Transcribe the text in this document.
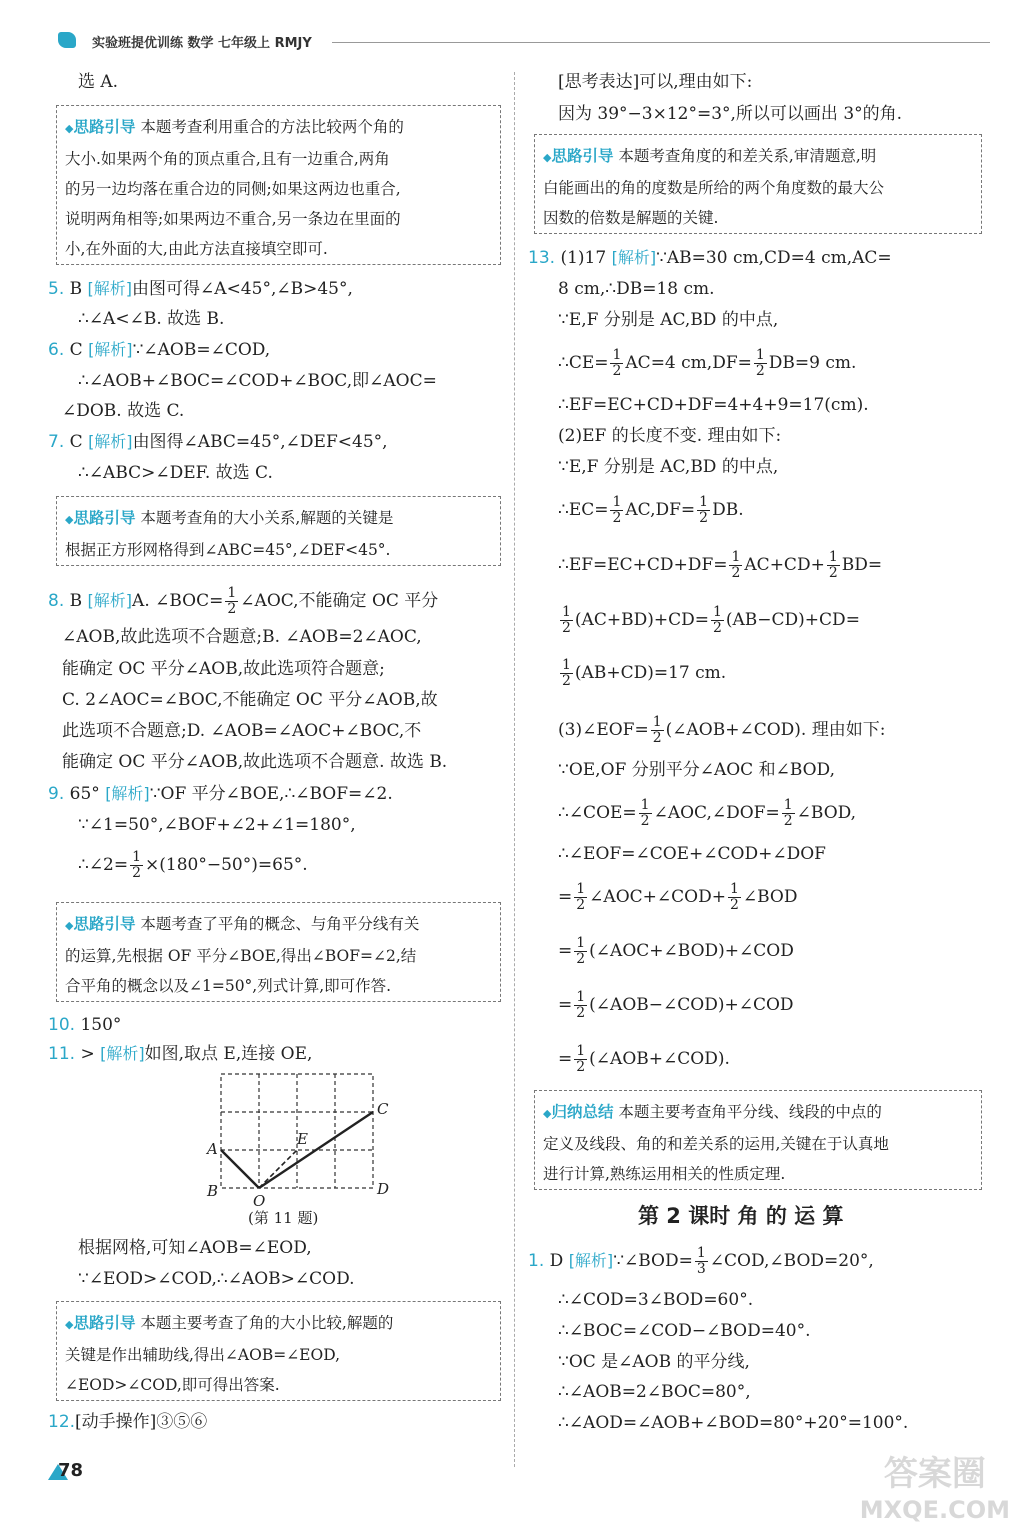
实验班提优训练 数学 七年级上 RMJY
选 A.
◆ 思路引导 本题考查利用重合的方法比较两个角的
大小.如果两个角的顶点重合,且有一边重合,两角
的另一边均落在重合边的同侧;如果这两边也重合,
说明两角相等;如果两边不重合,另一条边在里面的
小,在外面的大,由此方法直接填空即可.
5. B [解析]由图可得∠A<45°,∠B>45°,
∴∠A<∠B. 故选 B.
6. C [解析]∵∠AOB=∠COD,
∴∠AOB+∠BOC=∠COD+∠BOC,即∠AOC=
∠DOB. 故选 C.
7. C [解析]由图得∠ABC=45°,∠DEF<45°,
∴∠ABC>∠DEF. 故选 C.
◆ 思路引导 本题考查角的大小关系,解题的关键是
根据正方形网格得到∠ABC=45°,∠DEF<45°.
8. B [解析]A. ∠BOC= $\frac{1}{2}$ ∠AOC,不能确定 OC 平分
∠AOB,故此选项不合题意;B. ∠AOB=2∠AOC,
能确定 OC 平分∠AOB,故此选项符合题意;
C. 2∠AOC=∠BOC,不能确定 OC 平分∠AOB,故
此选项不合题意;D. ∠AOB=∠AOC+∠BOC,不
能确定 OC 平分∠AOB,故此选项不合题意. 故选 B.
9. 65° [解析]∵OF 平分∠BOE,∴∠BOF=∠2.
∵∠1=50°,∠BOF+∠2+∠1=180°,
∴∠2= $\frac{1}{2} \times(180^\circ-50^\circ)=65^\circ$.
◆ 思路引导 本题考查了平角的概念、与角平分线有关
的运算,先根据 OF 平分∠BOE,得出∠BOF=∠2,结
合平角的概念以及∠1=50°,列式计算,即可作答.
10. 150°
11. > [解析]如图,取点 E,连接 OE,
A
B
C
D
E
O
(第 11 题)
根据网格,可知∠AOB=∠EOD,
∵∠EOD>∠COD,∴∠AOB>∠COD.
◆ 思路引导 本题主要考查了角的大小比较,解题的
关键是作出辅助线,得出∠AOB=∠EOD,
∠EOD>∠COD,即可得出答案.
12.[动手操作]③⑤⑥
[思考表达]可以,理由如下:
因为 39°−3×12°=3°,所以可以画出 3°的角.
◆ 思路引导 本题考查角度的和差关系,审清题意,明
白能画出的角的度数是所给的两个角度数的最大公
因数的倍数是解题的关键.
13. (1)17 [解析]∵AB=30 cm,CD=4 cm,AC=
8 cm,∴DB=18 cm.
∵E,F 分别是 AC,BD 的中点,
∴CE= $\frac{1}{2} AC=4$ $cm,DF= \frac{1}{2} DB=9$ cm.
∴EF=EC+CD+DF=4+4+9=17(cm).
(2)EF 的长度不变. 理由如下:
∵E,F 分别是 AC,BD 的中点,
∴EC= $\frac{1}{2} AC,DF= \frac{1}{2}$ DB.
∴EF=EC+CD+DF= $\frac{1}{2} AC+CD+ \frac{1}{2} BD=$
$\frac{1}{2} (AC+BD)+CD= \frac{1}{2} (AB-CD)+CD=$
$\frac{1}{2} (AB+CD)=17$ cm.
(3)∠EOF= $\frac{1}{2}$ (∠AOB+∠COD). 理由如下:
∵OE,OF 分别平分∠AOC 和∠BOD,
∴∠COE= $\frac{1}{2}$ ∠AOC,∠DOF= $\frac{1}{2}$ ∠BOD,
∴∠EOF=∠COE+∠COD+∠DOF
= $\frac{1}{2}$ ∠AOC+∠COD+ $\frac{1}{2}$ ∠BOD
= $\frac{1}{2}$ (∠AOC+∠BOD)+∠COD
= $\frac{1}{2}$ (∠AOB−∠COD)+∠COD
= $\frac{1}{2}$ (∠AOB+∠COD).
◆ 归纳总结 本题主要考查角平分线、线段的中点的
定义及线段、角的和差关系的运用,关键在于认真地
进行计算,熟练运用相关的性质定理.
第 2 课时 角 的 运 算
1. D [解析]∵∠BOD= $\frac{1}{3}$ ∠COD,∠BOD=20°,
∴∠COD=3∠BOD=60°.
∴∠BOC=∠COD−∠BOD=40°.
∵OC 是∠AOB 的平分线,
∴∠AOB=2∠BOC=80°,
∴∠AOD=∠AOB+∠BOD=80°+20°=100°.
78	答案圈
MXQE.COM
